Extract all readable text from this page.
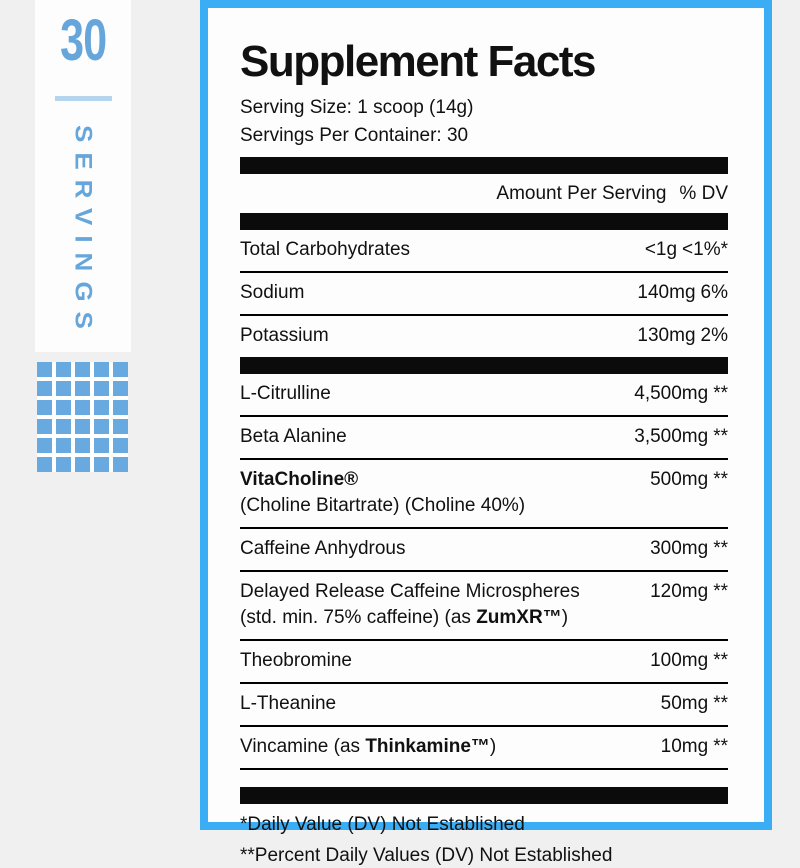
30
SERVINGS
Supplement Facts

Serving Size: 1 scoop (14g)

Servings Per Container: 30

Amount Per Serving % DV
Total Carbohydrates	<1g <1%*
Sodium	140mg 6%
Potassium	130mg 2%
L-Citrulline	4,500mg **
Beta Alanine	3,500mg **
VitaCholine®	500mg **
(Choline Bitartrate) (Choline 40%)
Caffeine Anhydrous	300mg **
Delayed Release Caffeine Microspheres	120mg **
(std. min. 75% caffeine) (as ZumXR™)
Theobromine	100mg **
L-Theanine	50mg **
Vincamine (as Thinkamine™)	10mg **

*Daily Value (DV) Not Established

**Percent Daily Values (DV) Not Established
